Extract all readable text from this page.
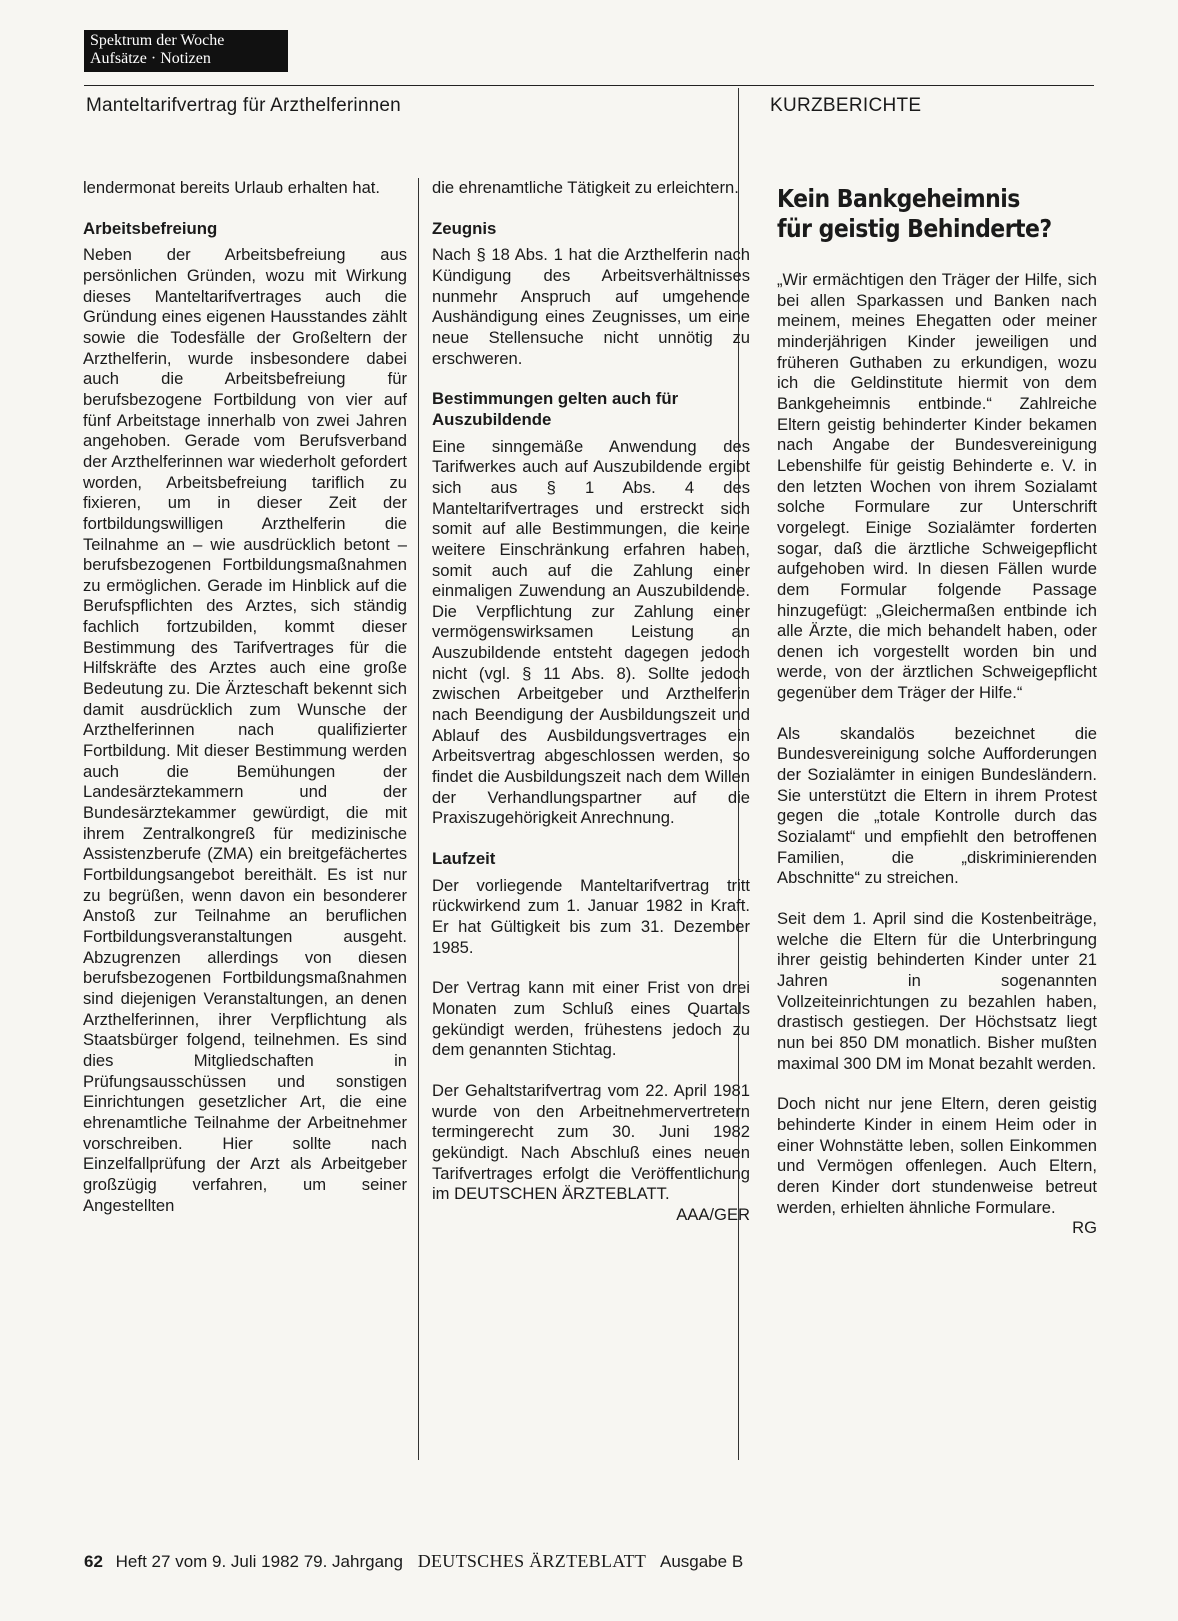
Spektrum der Woche
Aufsätze · Notizen
Manteltarifvertrag für Arzthelferinnen	KURZBERICHTE

lendermonat bereits Urlaub erhalten hat.

Arbeitsbefreiung

Neben der Arbeitsbefreiung aus persönlichen Gründen, wozu mit Wirkung dieses Manteltarifvertrages auch die Gründung eines eigenen Hausstandes zählt sowie die Todesfälle der Großeltern der Arzthelferin, wurde insbesondere dabei auch die Arbeitsbefreiung für berufsbezogene Fortbildung von vier auf fünf Arbeitstage innerhalb von zwei Jahren angehoben. Gerade vom Berufsverband der Arzthelferinnen war wiederholt gefordert worden, Arbeitsbefreiung tariflich zu fixieren, um in dieser Zeit der fortbildungswilligen Arzthelferin die Teilnahme an – wie ausdrücklich betont – berufsbezogenen Fortbildungsmaßnahmen zu ermöglichen. Gerade im Hinblick auf die Berufspflichten des Arztes, sich ständig fachlich fortzubilden, kommt dieser Bestimmung des Tarifvertrages für die Hilfskräfte des Arztes auch eine große Bedeutung zu. Die Ärzteschaft bekennt sich damit ausdrücklich zum Wunsche der Arzthelferinnen nach qualifizierter Fortbildung. Mit dieser Bestimmung werden auch die Bemühungen der Landesärztekammern und der Bundesärztekammer gewürdigt, die mit ihrem Zentralkongreß für medizinische Assistenzberufe (ZMA) ein breitgefächertes Fortbildungsangebot bereithält. Es ist nur zu begrüßen, wenn davon ein besonderer Anstoß zur Teilnahme an beruflichen Fortbildungsveranstaltungen ausgeht. Abzugrenzen allerdings von diesen berufsbezogenen Fortbildungsmaßnahmen sind diejenigen Veranstaltungen, an denen Arzthelferinnen, ihrer Verpflichtung als Staatsbürger folgend, teilnehmen. Es sind dies Mitgliedschaften in Prüfungsausschüssen und sonstigen Einrichtungen gesetzlicher Art, die eine ehrenamtliche Teilnahme der Arbeitnehmer vorschreiben. Hier sollte nach Einzelfallprüfung der Arzt als Arbeitgeber großzügig verfahren, um seiner Angestellten

die ehrenamtliche Tätigkeit zu erleichtern.

Zeugnis

Nach § 18 Abs. 1 hat die Arzthelferin nach Kündigung des Arbeitsverhältnisses nunmehr Anspruch auf umgehende Aushändigung eines Zeugnisses, um eine neue Stellensuche nicht unnötig zu erschweren.

Bestimmungen gelten auch für Auszubildende

Eine sinngemäße Anwendung des Tarifwerkes auch auf Auszubildende ergibt sich aus § 1 Abs. 4 des Manteltarifvertrages und erstreckt sich somit auf alle Bestimmungen, die keine weitere Einschränkung erfahren haben, somit auch auf die Zahlung einer einmaligen Zuwendung an Auszubildende. Die Verpflichtung zur Zahlung einer vermögenswirksamen Leistung an Auszubildende entsteht dagegen jedoch nicht (vgl. § 11 Abs. 8). Sollte jedoch zwischen Arbeitgeber und Arzthelferin nach Beendigung der Ausbildungszeit und Ablauf des Ausbildungsvertrages ein Arbeitsvertrag abgeschlossen werden, so findet die Ausbildungszeit nach dem Willen der Verhandlungspartner auf die Praxiszugehörigkeit Anrechnung.

Laufzeit

Der vorliegende Manteltarifvertrag tritt rückwirkend zum 1. Januar 1982 in Kraft. Er hat Gültigkeit bis zum 31. Dezember 1985.

Der Vertrag kann mit einer Frist von drei Monaten zum Schluß eines Quartals gekündigt werden, frühestens jedoch zu dem genannten Stichtag.

Der Gehaltstarifvertrag vom 22. April 1981 wurde von den Arbeitnehmervertretern termingerecht zum 30. Juni 1982 gekündigt. Nach Abschluß eines neuen Tarifvertrages erfolgt die Veröffentlichung im DEUTSCHEN ÄRZTEBLATT.

AAA/GER

Kein Bankgeheimnis
für geistig Behinderte?

„Wir ermächtigen den Träger der Hilfe, sich bei allen Sparkassen und Banken nach meinem, meines Ehegatten oder meiner minderjährigen Kinder jeweiligen und früheren Guthaben zu erkundigen, wozu ich die Geldinstitute hiermit von dem Bankgeheimnis entbinde.“ Zahlreiche Eltern geistig behinderter Kinder bekamen nach Angabe der Bundesvereinigung Lebenshilfe für geistig Behinderte e. V. in den letzten Wochen von ihrem Sozialamt solche Formulare zur Unterschrift vorgelegt. Einige Sozialämter forderten sogar, daß die ärztliche Schweigepflicht aufgehoben wird. In diesen Fällen wurde dem Formular folgende Passage hinzugefügt: „Gleichermaßen entbinde ich alle Ärzte, die mich behandelt haben, oder denen ich vorgestellt worden bin und werde, von der ärztlichen Schweigepflicht gegenüber dem Träger der Hilfe.“

Als skandalös bezeichnet die Bundesvereinigung solche Aufforderungen der Sozialämter in einigen Bundesländern. Sie unterstützt die Eltern in ihrem Protest gegen die „totale Kontrolle durch das Sozialamt“ und empfiehlt den betroffenen Familien, die „diskriminierenden Abschnitte“ zu streichen.

Seit dem 1. April sind die Kostenbeiträge, welche die Eltern für die Unterbringung ihrer geistig behinderten Kinder unter 21 Jahren in sogenannten Vollzeiteinrichtungen zu bezahlen haben, drastisch gestiegen. Der Höchstsatz liegt nun bei 850 DM monatlich. Bisher mußten maximal 300 DM im Monat bezahlt werden.

Doch nicht nur jene Eltern, deren geistig behinderte Kinder in einem Heim oder in einer Wohnstätte leben, sollen Einkommen und Vermögen offenlegen. Auch Eltern, deren Kinder dort stundenweise betreut werden, erhielten ähnliche Formulare.

RG

62 Heft 27 vom 9. Juli 1982 79. Jahrgang DEUTSCHES ÄRZTEBLATT Ausgabe B
